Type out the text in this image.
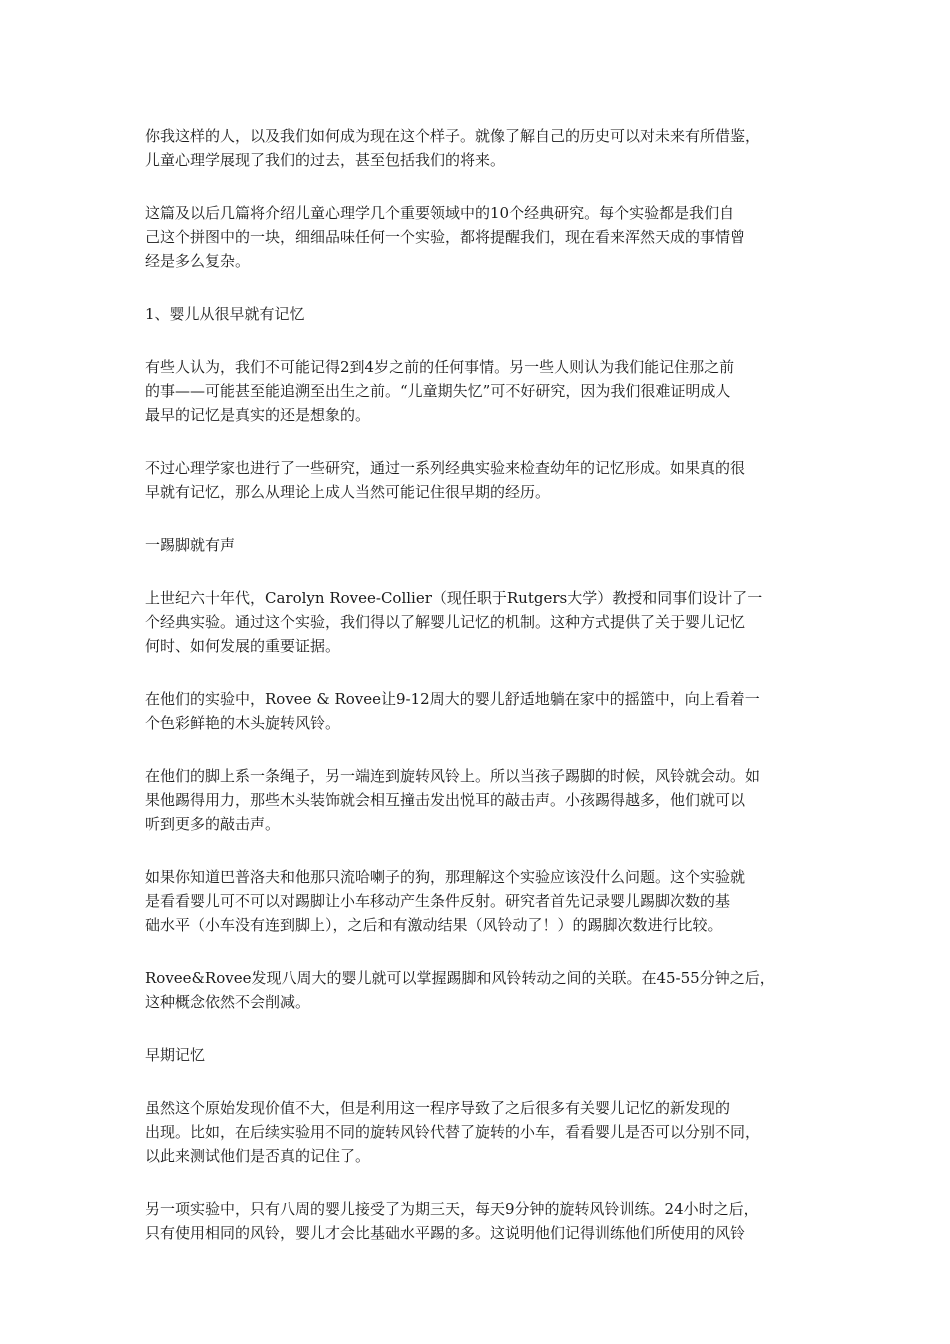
你我这样的人，以及我们如何成为现在这个样子。就像了解自己的历史可以对未来有所借鉴，
儿童心理学展现了我们的过去，甚至包括我们的将来。

这篇及以后几篇将介绍儿童心理学几个重要领域中的10个经典研究。每个实验都是我们自
己这个拼图中的一块，细细品味任何一个实验，都将提醒我们，现在看来浑然天成的事情曾
经是多么复杂。

1、婴儿从很早就有记忆

有些人认为，我们不可能记得2到4岁之前的任何事情。另一些人则认为我们能记住那之前
的事——可能甚至能追溯至出生之前。“儿童期失忆”可不好研究，因为我们很难证明成人
最早的记忆是真实的还是想象的。

不过心理学家也进行了一些研究，通过一系列经典实验来检查幼年的记忆形成。如果真的很
早就有记忆，那么从理论上成人当然可能记住很早期的经历。

一踢脚就有声

上世纪六十年代，Carolyn Rovee-Collier（现任职于Rutgers大学）教授和同事们设计了一
个经典实验。通过这个实验，我们得以了解婴儿记忆的机制。这种方式提供了关于婴儿记忆
何时、如何发展的重要证据。

在他们的实验中，Rovee & Rovee让9-12周大的婴儿舒适地躺在家中的摇篮中，向上看着一
个色彩鲜艳的木头旋转风铃。

在他们的脚上系一条绳子，另一端连到旋转风铃上。所以当孩子踢脚的时候，风铃就会动。如
果他踢得用力，那些木头装饰就会相互撞击发出悦耳的敲击声。小孩踢得越多，他们就可以
听到更多的敲击声。

如果你知道巴普洛夫和他那只流哈喇子的狗，那理解这个实验应该没什么问题。这个实验就
是看看婴儿可不可以对踢脚让小车移动产生条件反射。研究者首先记录婴儿踢脚次数的基
础水平（小车没有连到脚上），之后和有激动结果（风铃动了！）的踢脚次数进行比较。

Rovee&Rovee发现八周大的婴儿就可以掌握踢脚和风铃转动之间的关联。在45-55分钟之后，
这种概念依然不会削减。

早期记忆

虽然这个原始发现价值不大，但是利用这一程序导致了之后很多有关婴儿记忆的新发现的
出现。比如，在后续实验用不同的旋转风铃代替了旋转的小车，看看婴儿是否可以分别不同，
以此来测试他们是否真的记住了。

另一项实验中，只有八周的婴儿接受了为期三天，每天9分钟的旋转风铃训练。24小时之后，
只有使用相同的风铃，婴儿才会比基础水平踢的多。这说明他们记得训练他们所使用的风铃
